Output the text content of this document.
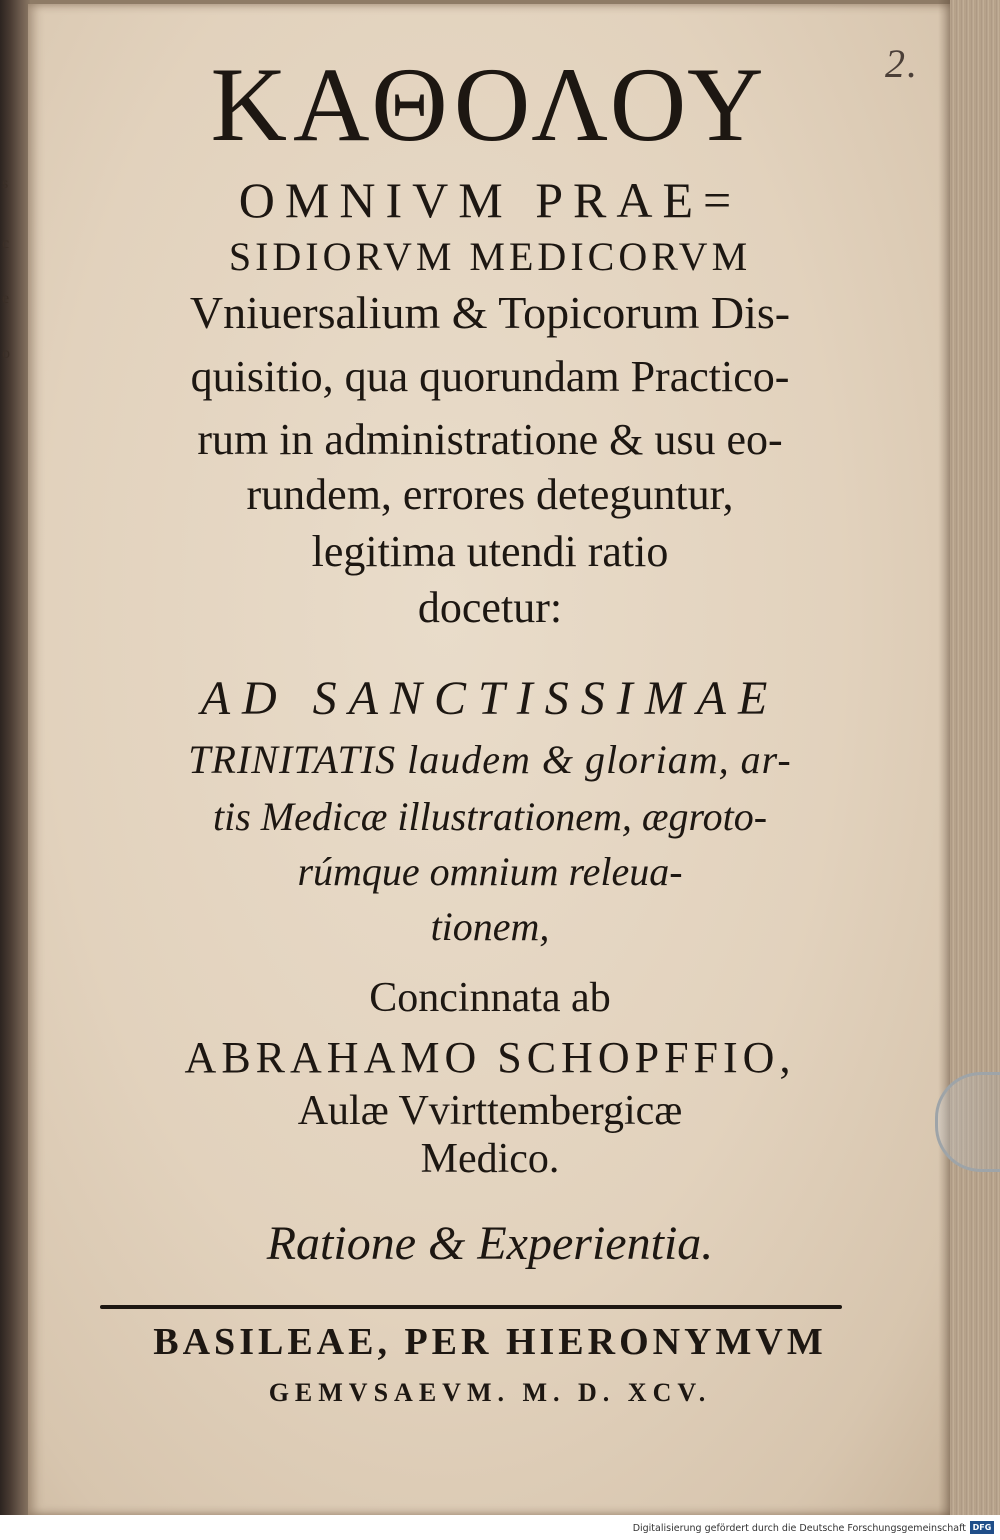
s
c
e
o
2.
ΚΑΘΟΛΟΥ
OMNIVM PRAE=
SIDIORVM MEDICORVM
Vniuersalium & Topicorum Dis-
quisitio, qua quorundam Practico-
rum in administratione & usu eo-
rundem, errores deteguntur,
legitima utendi ratio
docetur:
AD SANCTISSIMAE
TRINITATIS laudem & gloriam, ar-
tis Medicæ illustrationem, ægroto-
rúmque omnium releua-
tionem,
Concinnata ab
ABRAHAMO SCHOPFFIO,
Aulæ Vvirttembergicæ
Medico.
Ratione & Experientia.
BASILEAE, PER HIERONYMVM
GEMVSAEVM. M. D. XCV.
Digitalisierung gefördert durch die Deutsche Forschungsgemeinschaft DFG
